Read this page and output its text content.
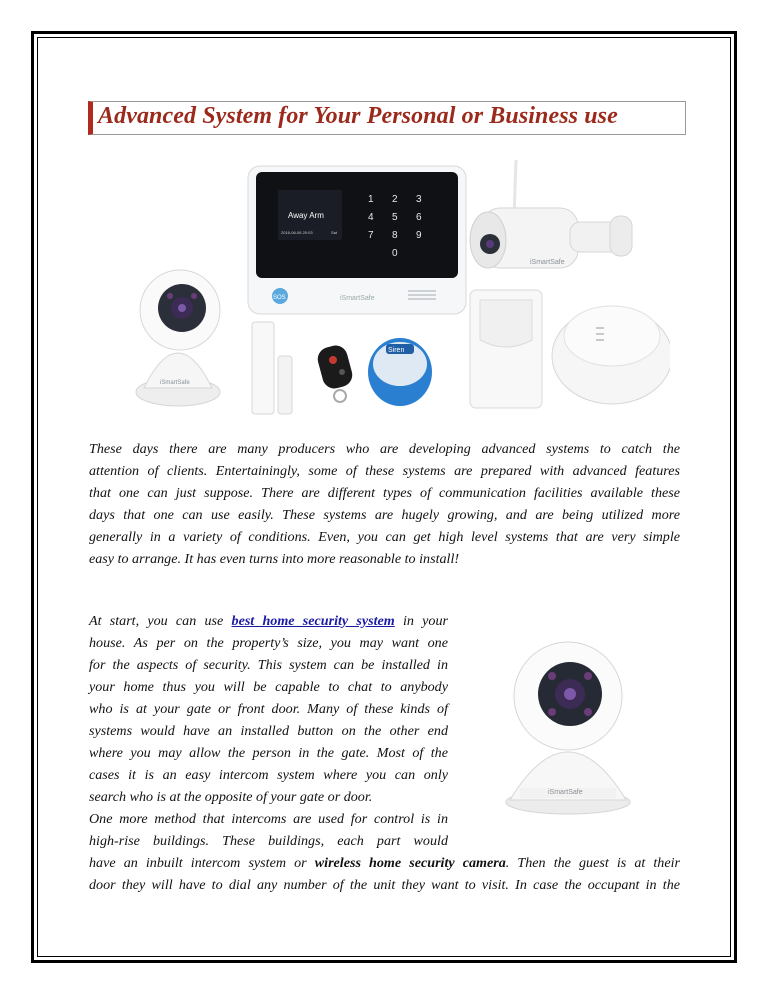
Advanced System for Your Personal or Business use
Away Arm
2016-06-06 20:03	Sat
1 2 3
4 5 6
7 8 9
0
SOS	iSmartSafe
iSmartSafe
Siren
iSmartSafe
These days there are many producers who are developing advanced systems to catch the
attention of clients. Entertainingly, some of these systems are prepared with advanced features
that one can just suppose. There are different types of communication facilities available these
days that one can use easily. These systems are hugely growing, and are being utilized more
generally in a variety of conditions. Even, you can get high level systems that are very simple
easy to arrange. It has even turns into more reasonable to install!
At start, you can use best home security system in your
house. As per on the property’s size, you may want one
for the aspects of security. This system can be installed in
your home thus you will be capable to chat to anybody
who is at your gate or front door. Many of these kinds of
systems would have an installed button on the other end
where you may allow the person in the gate. Most of the
cases it is an easy intercom system where you can only
search who is at the opposite of your gate or door.	iSmartSafe
One more method that intercoms are used for control is in
high-rise buildings. These buildings, each part would
have an inbuilt intercom system or wireless home security camera. Then the guest is at their
door they will have to dial any number of the unit they want to visit. In case the occupant in the
